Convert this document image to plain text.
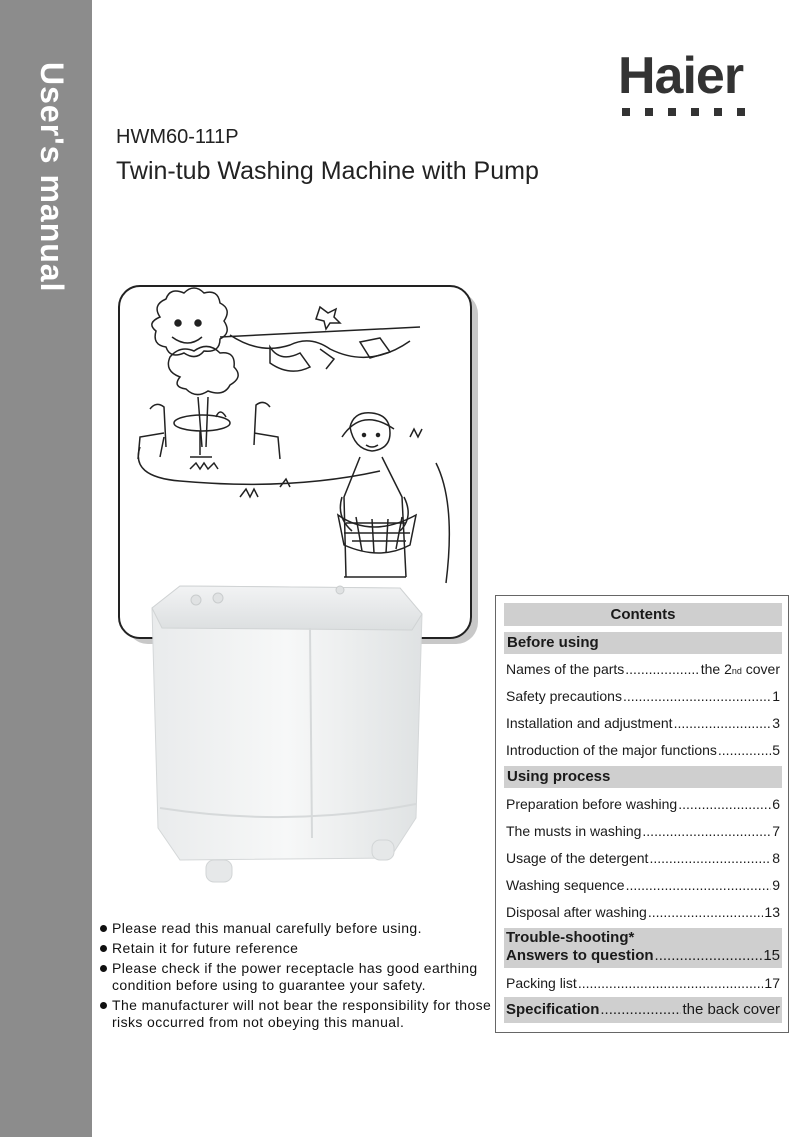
User's manual	Haier
HWM60-111P
Twin-tub Washing Machine with Pump
Contents
Before using
Names of the parts .....	the 2nd cover
Safety precautions .....	1
Installation and adjustment .....	3
Introduction of the major functions .....	5
Using process
Preparation before washing .....	6
The musts in washing .....	7
Usage of the detergent .....	8
Washing sequence .....	9
Disposal after washing .....	13
Trouble-shooting*
Answers to question .....	15
Packing list .....	17
Specification .....	the back cover
Please read this manual carefully before using.
Retain it for future reference
Please check if the power receptacle has good earthing condition before using to guarantee your safety.
The manufacturer will not bear the responsibility for those risks occurred from not obeying this manual.
